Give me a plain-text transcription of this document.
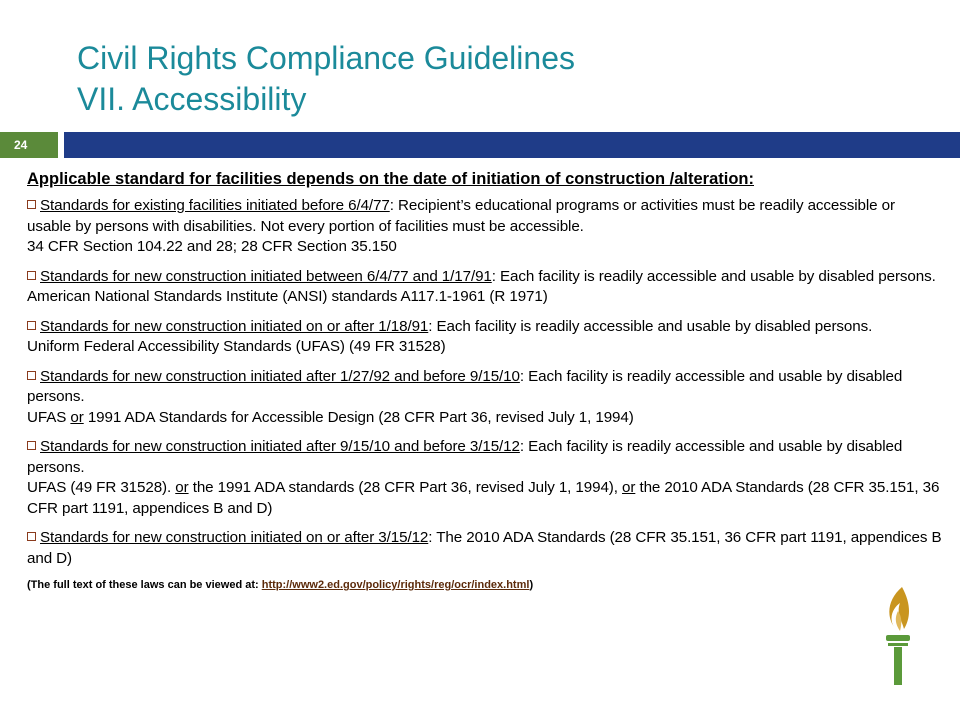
Civil Rights Compliance Guidelines
VII. Accessibility
24
Applicable standard for facilities depends on the date of initiation of construction /alteration:
Standards for existing facilities initiated before 6/4/77: Recipient’s educational programs or activities must be readily accessible or usable by persons with disabilities. Not every portion of facilities must be accessible.
34 CFR Section 104.22 and 28; 28 CFR Section 35.150
Standards for new construction initiated between 6/4/77 and 1/17/91: Each facility is readily accessible and usable by disabled persons.
American National Standards Institute (ANSI) standards A117.1-1961 (R 1971)
Standards for new construction initiated on or after 1/18/91: Each facility is readily accessible and usable by disabled persons.
Uniform Federal Accessibility Standards (UFAS) (49 FR 31528)
Standards for new construction initiated after 1/27/92 and before 9/15/10: Each facility is readily accessible and usable by disabled persons.
UFAS or 1991 ADA Standards for Accessible Design (28 CFR Part 36, revised July 1, 1994)
Standards for new construction initiated after 9/15/10 and before 3/15/12: Each facility is readily accessible and usable by disabled persons.
UFAS (49 FR 31528). or the 1991 ADA standards (28 CFR Part 36, revised July 1, 1994), or the 2010 ADA Standards (28 CFR 35.151, 36 CFR part 1191, appendices B and D)
Standards for new construction initiated on or after 3/15/12: The 2010 ADA Standards (28 CFR 35.151, 36 CFR part 1191, appendices B and D)
(The full text of these laws can be viewed at: http://www2.ed.gov/policy/rights/reg/ocr/index.html)
